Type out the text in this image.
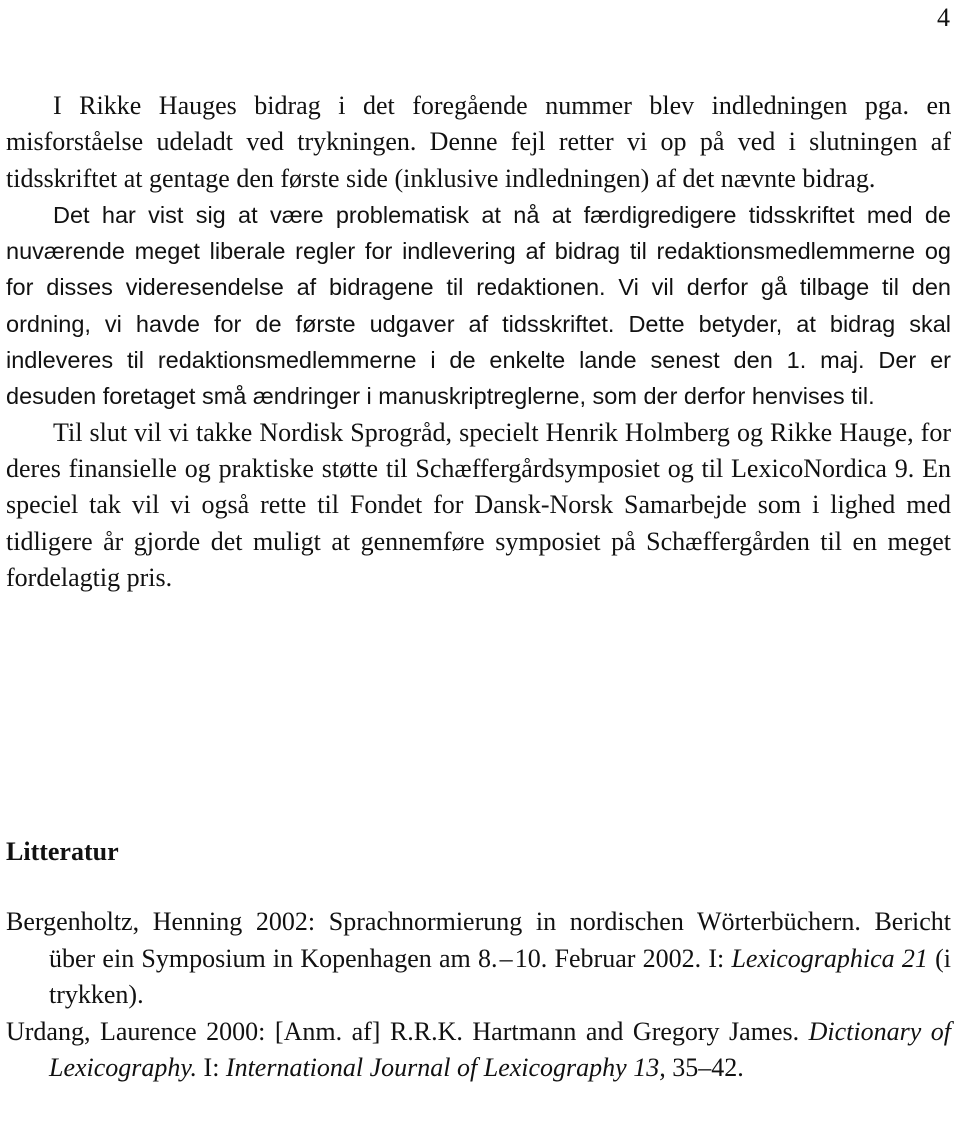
4

I Rikke Hauges bidrag i det foregående nummer blev indledningen pga. en misforståelse udeladt ved trykningen. Denne fejl retter vi op på ved i slutningen af tidsskriftet at gentage den første side (inklusive indledningen) af det nævnte bidrag.

Det har vist sig at være problematisk at nå at færdigredigere tidsskriftet med de nuværende meget liberale regler for indlevering af bidrag til redaktionsmedlemmerne og for disses videresendelse af bidragene til redaktionen. Vi vil derfor gå tilbage til den ordning, vi havde for de første udgaver af tidsskriftet. Dette betyder, at bidrag skal indleveres til redaktionsmedlemmerne i de enkelte lande senest den 1. maj. Der er desuden foretaget små ændringer i manuskriptreglerne, som der derfor henvises til.

Til slut vil vi takke Nordisk Sprogråd, specielt Henrik Holmberg og Rikke Hauge, for deres finansielle og praktiske støtte til Schæffergårdsymposiet og til LexicoNordica 9. En speciel tak vil vi også rette til Fondet for Dansk-Norsk Samarbejde som i lighed med tidligere år gjorde det muligt at gennemføre symposiet på Schæffergården til en meget fordelagtig pris.

Litteratur
Bergenholtz, Henning 2002: Sprachnormierung in nordischen Wörterbüchern. Bericht über ein Symposium in Kopenhagen am 8. – 10. Februar 2002. I: Lexicographica 21 (i trykken).
Urdang, Laurence 2000: [Anm. af] R.R.K. Hartmann and Gregory James. Dictionary of Lexicography. I: International Journal of Lexicography 13, 35–42.
